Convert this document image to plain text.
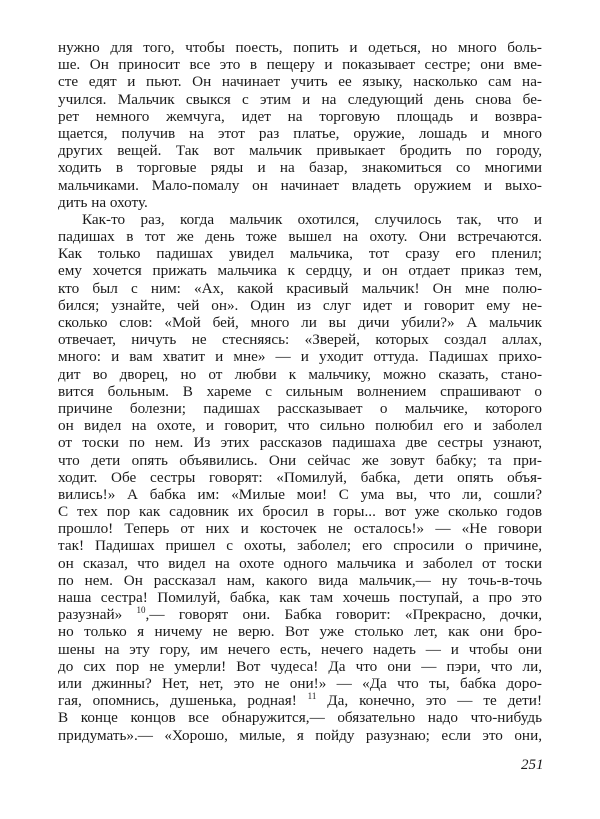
нужно для того, чтобы поесть, попить и одеться, но много боль-
ше. Он приносит все это в пещеру и показывает сестре; они вме-
сте едят и пьют. Он начинает учить ее языку, насколько сам на-
учился. Мальчик свыкся с этим и на следующий день снова бе-
рет немного жемчуга, идет на торговую площадь и возвра-
щается, получив на этот раз платье, оружие, лошадь и много
других вещей. Так вот мальчик привыкает бродить по городу,
ходить в торговые ряды и на базар, знакомиться со многими
мальчиками. Мало-помалу он начинает владеть оружием и выхо-
дить на охоту.
Как-то раз, когда мальчик охотился, случилось так, что и
падишах в тот же день тоже вышел на охоту. Они встречаются.
Как только падишах увидел мальчика, тот сразу его пленил;
ему хочется прижать мальчика к сердцу, и он отдает приказ тем,
кто был с ним: «Ах, какой красивый мальчик! Он мне полю-
бился; узнайте, чей он». Один из слуг идет и говорит ему не-
сколько слов: «Мой бей, много ли вы дичи убили?» А мальчик
отвечает, ничуть не стесняясь: «Зверей, которых создал аллах,
много: и вам хватит и мне» — и уходит оттуда. Падишах прихо-
дит во дворец, но от любви к мальчику, можно сказать, стано-
вится больным. В хареме с сильным волнением спрашивают о
причине болезни; падишах рассказывает о мальчике, которого
он видел на охоте, и говорит, что сильно полюбил его и заболел
от тоски по нем. Из этих рассказов падишаха две сестры узнают,
что дети опять объявились. Они сейчас же зовут бабку; та при-
ходит. Обе сестры говорят: «Помилуй, бабка, дети опять объя-
вились!» А бабка им: «Милые мои! С ума вы, что ли, сошли?
С тех пор как садовник их бросил в горы... вот уже сколько годов
прошло! Теперь от них и косточек не осталось!» — «Не говори
так! Падишах пришел с охоты, заболел; его спросили о причине,
он сказал, что видел на охоте одного мальчика и заболел от тоски
по нем. Он рассказал нам, какого вида мальчик,— ну точь-в-точь
наша сестра! Помилуй, бабка, как там хочешь поступай, а про это
разузнай» $^{10}$,— говорят они. Бабка говорит: «Прекрасно, дочки,
но только я ничему не верю. Вот уже столько лет, как они бро-
шены на эту гору, им нечего есть, нечего надеть — и чтобы они
до сих пор не умерли! Вот чудеса! Да что они — пэри, что ли,
или джинны? Нет, нет, это не они!» — «Да что ты, бабка доро-
гая, опомнись, душенька, родная! $^{11}$ Да, конечно, это — те дети!
В конце концов все обнаружится,— обязательно надо что-нибудь
придумать».— «Хорошо, милые, я пойду разузнаю; если это они,
251
